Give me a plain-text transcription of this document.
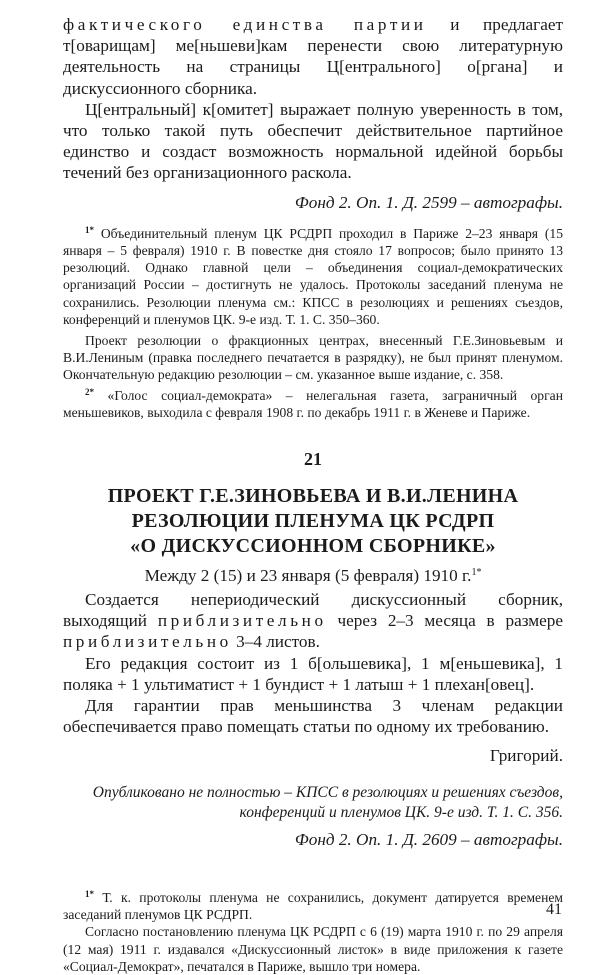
фактического единства партии и предлагает т[оварищам] ме[ньшеви]кам перенести свою литературную деятельность на страницы Ц[ентрального] о[ргана] и дискуссионного сборника.

Ц[ентральный] к[омитет] выражает полную уверенность в том, что только такой путь обеспечит действительное партийное единство и создаст возможность нормальной идейной борьбы течений без организационного раскола.

Фонд 2. Оп. 1. Д. 2599 – автографы.

$^{1*}$ Объединительный пленум ЦК РСДРП проходил в Париже 2–23 января (15 января – 5 февраля) 1910 г. В повестке дня стояло 17 вопросов; было принято 13 резолюций. Однако главной цели – объединения социал-демократических организаций России – достигнуть не удалось. Протоколы заседаний пленума не сохранились. Резолюции пленума см.: КПСС в резолюциях и решениях съездов, конференций и пленумов ЦК. 9-е изд. Т. 1. С. 350–360.

Проект резолюции о фракционных центрах, внесенный Г.Е.Зиновьевым и В.И.Лениным (правка последнего печатается в разрядку), не был принят пленумом. Окончательную редакцию резолюции – см. указанное выше издание, с. 358.

$^{2*}$ «Голос социал-демократа» – нелегальная газета, заграничный орган меньшевиков, выходила с февраля 1908 г. по декабрь 1911 г. в Женеве и Париже.

21
ПРОЕКТ Г.Е.ЗИНОВЬЕВА И В.И.ЛЕНИНА
РЕЗОЛЮЦИИ ПЛЕНУМА ЦК РСДРП
«О ДИСКУССИОННОМ СБОРНИКЕ»
Между 2 (15) и 23 января (5 февраля) 1910 г.$^{1*}$

Создается непериодический дискуссионный сборник, выходящий приблизительно через 2–3 месяца в размере приблизительно 3–4 листов.

Его редакция состоит из 1 б[ольшевика], 1 м[еньшевика], 1 поляка + 1 ультиматист + 1 бундист + 1 латыш + 1 плехан[овец].

Для гарантии прав меньшинства 3 членам редакции обеспечивается право помещать статьи по одному их требованию.

Григорий.

Опубликовано не полностью – КПСС в резолюциях и решениях съездов, конференций и пленумов ЦК. 9-е изд. Т. 1. С. 356.

Фонд 2. Оп. 1. Д. 2609 – автографы.

$^{1*}$ Т. к. протоколы пленума не сохранились, документ датируется временем заседаний пленумов ЦК РСДРП.

Согласно постановлению пленума ЦК РСДРП с 6 (19) марта 1910 г. по 29 апреля (12 мая) 1911 г. издавался «Дискуссионный листок» в виде приложения к газете «Социал-Демократ», печатался в Париже, вышло три номера.

41
